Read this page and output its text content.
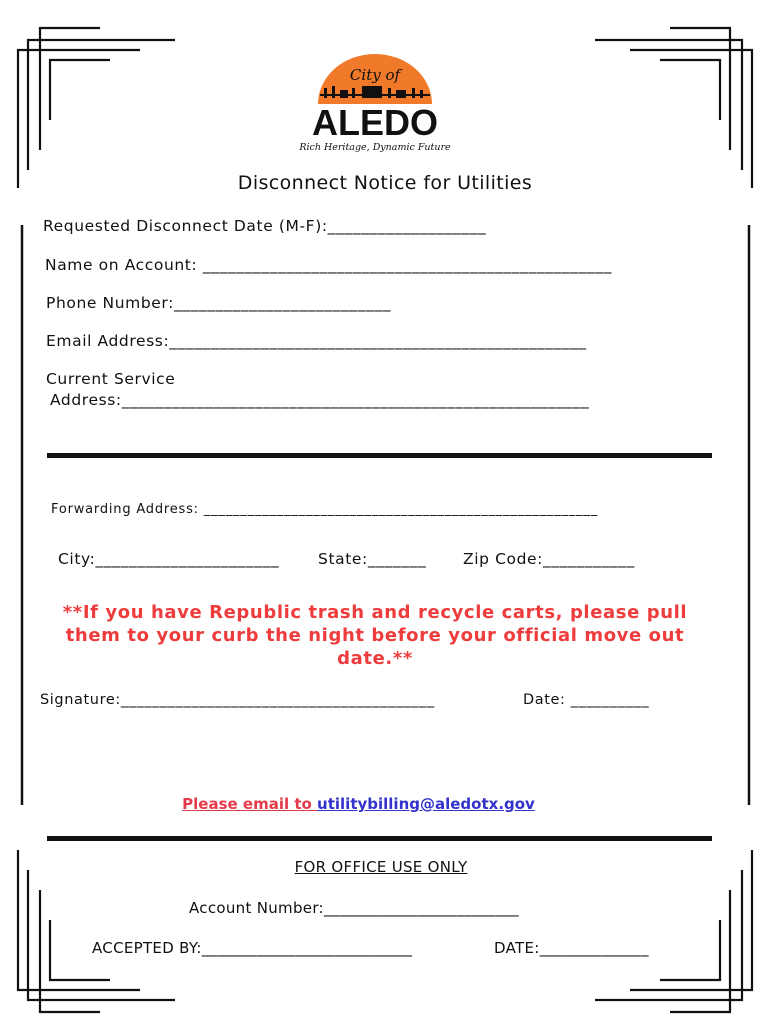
City of
ALEDO
Rich Heritage, Dynamic Future
Disconnect Notice for Utilities
Requested Disconnect Date (M-F):___________________
Name on Account: _________________________________________________
Phone Number:__________________________
Email Address:__________________________________________________
Current Service
Address:________________________________________________________
Forwarding Address: ______________________________________________________
City:______________________	State:_______ Zip Code:___________
**If you have Republic trash and recycle carts, please pull them to your curb the night before your official move out date.**
Signature:________________________________________	Date: __________
Please email to utilitybilling@aledotx.gov
FOR OFFICE USE ONLY
Account Number:_________________________
ACCEPTED BY:___________________________	DATE:______________
